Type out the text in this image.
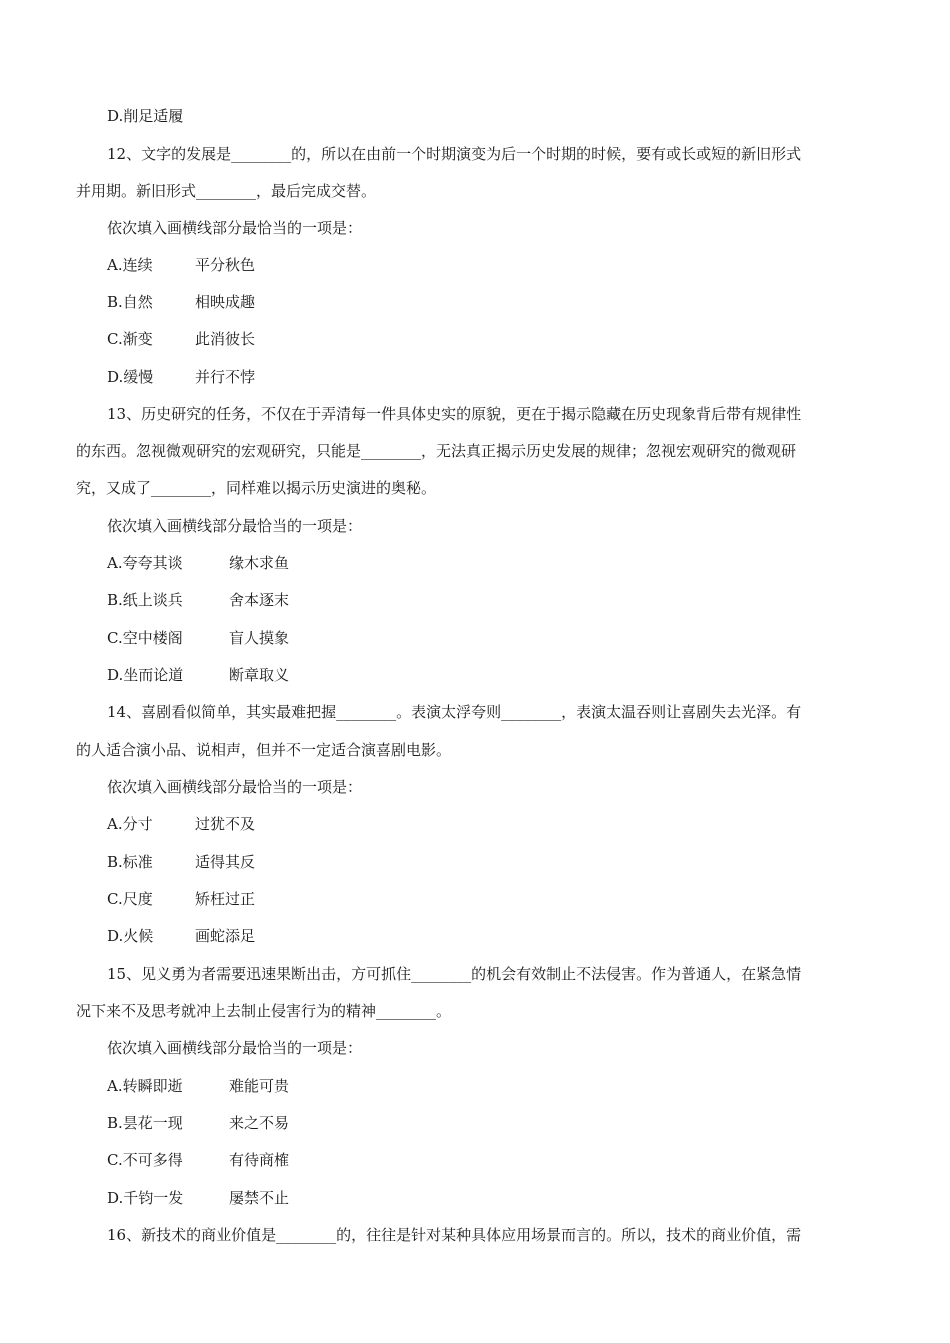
D.削足适履
12、文字的发展是________的，所以在由前一个时期演变为后一个时期的时候，要有或长或短的新旧形式
并用期。新旧形式________，最后完成交替。
依次填入画横线部分最恰当的一项是：
A.连续	平分秋色
B.自然	相映成趣
C.渐变	此消彼长
D.缓慢	并行不悖
13、历史研究的任务，不仅在于弄清每一件具体史实的原貌，更在于揭示隐藏在历史现象背后带有规律性
的东西。忽视微观研究的宏观研究，只能是________，无法真正揭示历史发展的规律；忽视宏观研究的微观研
究，又成了________，同样难以揭示历史演进的奥秘。
依次填入画横线部分最恰当的一项是：
A.夸夸其谈	缘木求鱼
B.纸上谈兵	舍本逐末
C.空中楼阁	盲人摸象
D.坐而论道	断章取义
14、喜剧看似简单，其实最难把握________。表演太浮夸则________，表演太温吞则让喜剧失去光泽。有
的人适合演小品、说相声，但并不一定适合演喜剧电影。
依次填入画横线部分最恰当的一项是：
A.分寸	过犹不及
B.标准	适得其反
C.尺度	矫枉过正
D.火候	画蛇添足
15、见义勇为者需要迅速果断出击，方可抓住________的机会有效制止不法侵害。作为普通人，在紧急情
况下来不及思考就冲上去制止侵害行为的精神________。
依次填入画横线部分最恰当的一项是：
A.转瞬即逝	难能可贵
B.昙花一现	来之不易
C.不可多得	有待商榷
D.千钧一发	屡禁不止
16、新技术的商业价值是________的，往往是针对某种具体应用场景而言的。所以，技术的商业价值，需
